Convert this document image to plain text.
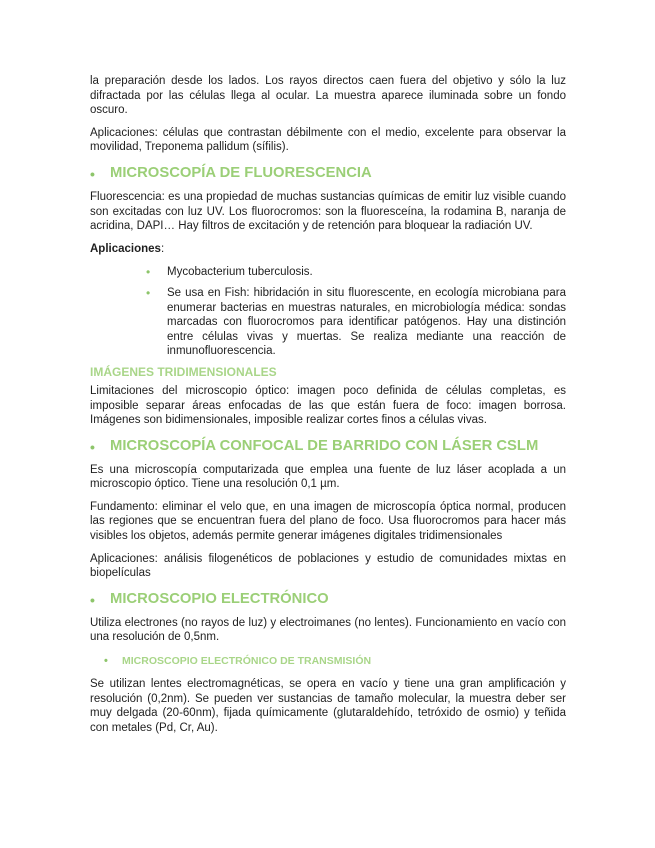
la preparación desde los lados. Los rayos directos caen fuera del objetivo y sólo la luz difractada por las células llega al ocular. La muestra aparece iluminada sobre un fondo oscuro.

Aplicaciones: células que contrastan débilmente con el medio, excelente para observar la movilidad, Treponema pallidum (sífilis).

• MICROSCOPÍA DE FLUORESCENCIA

Fluorescencia: es una propiedad de muchas sustancias químicas de emitir luz visible cuando son excitadas con luz UV. Los fluorocromos: son la fluoresceína, la rodamina B, naranja de acridina, DAPI… Hay filtros de excitación y de retención para bloquear la radiación UV.

Aplicaciones:

• Mycobacterium tuberculosis.
• Se usa en Fish: hibridación in situ fluorescente, en ecología microbiana para enumerar bacterias en muestras naturales, en microbiología médica: sondas marcadas con fluorocromos para identificar patógenos. Hay una distinción entre células vivas y muertas. Se realiza mediante una reacción de inmunofluorescencia.
IMÁGENES TRIDIMENSIONALES

Limitaciones del microscopio óptico: imagen poco definida de células completas, es imposible separar áreas enfocadas de las que están fuera de foco: imagen borrosa. Imágenes son bidimensionales, imposible realizar cortes finos a células vivas.

• MICROSCOPÍA CONFOCAL DE BARRIDO CON LÁSER CSLM

Es una microscopía computarizada que emplea una fuente de luz láser acoplada a un microscopio óptico. Tiene una resolución 0,1 µm.

Fundamento: eliminar el velo que, en una imagen de microscopía óptica normal, producen las regiones que se encuentran fuera del plano de foco. Usa fluorocromos para hacer más visibles los objetos, además permite generar imágenes digitales tridimensionales

Aplicaciones: análisis filogenéticos de poblaciones y estudio de comunidades mixtas en biopelículas

• MICROSCOPIO ELECTRÓNICO

Utiliza electrones (no rayos de luz) y electroimanes (no lentes). Funcionamiento en vacío con una resolución de 0,5nm.

• MICROSCOPIO ELECTRÓNICO DE TRANSMISIÓN

Se utilizan lentes electromagnéticas, se opera en vacío y tiene una gran amplificación y resolución (0,2nm). Se pueden ver sustancias de tamaño molecular, la muestra deber ser muy delgada (20-60nm), fijada químicamente (glutaraldehído, tetróxido de osmio) y teñida con metales (Pd, Cr, Au).
